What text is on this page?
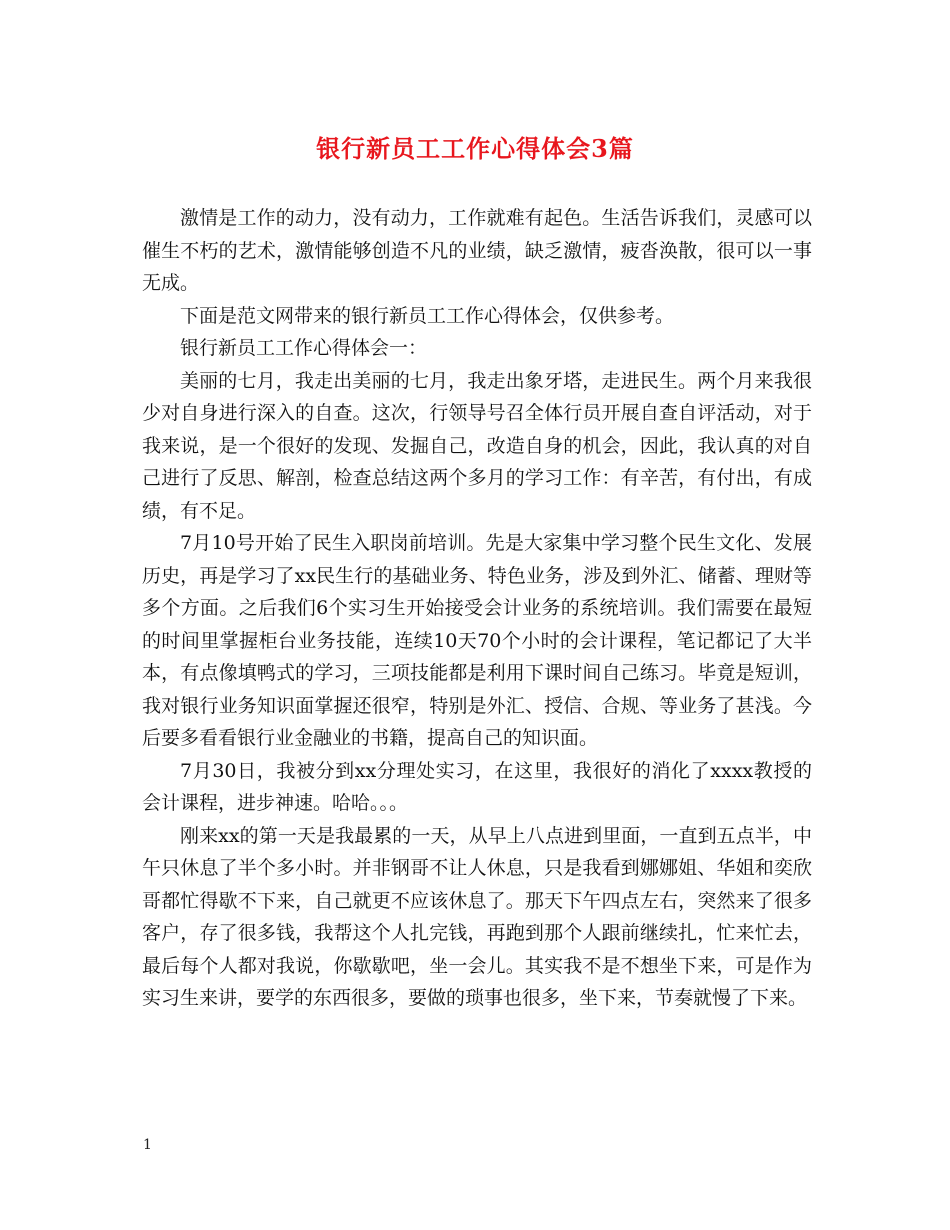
银行新员工工作心得体会3篇

激情是工作的动力，没有动力，工作就难有起色。生活告诉我们，灵感可以催生不朽的艺术，激情能够创造不凡的业绩，缺乏激情，疲沓涣散，很可以一事无成。

下面是范文网带来的银行新员工工作心得体会，仅供参考。

银行新员工工作心得体会一：

美丽的七月，我走出美丽的七月，我走出象牙塔，走进民生。两个月来我很少对自身进行深入的自查。这次，行领导号召全体行员开展自查自评活动，对于我来说，是一个很好的发现、发掘自己，改造自身的机会，因此，我认真的对自己进行了反思、解剖，检查总结这两个多月的学习工作：有辛苦，有付出，有成绩，有不足。

7月10号开始了民生入职岗前培训。先是大家集中学习整个民生文化、发展历史，再是学习了xx民生行的基础业务、特色业务，涉及到外汇、储蓄、理财等多个方面。之后我们6个实习生开始接受会计业务的系统培训。我们需要在最短的时间里掌握柜台业务技能，连续10天70个小时的会计课程，笔记都记了大半本，有点像填鸭式的学习，三项技能都是利用下课时间自己练习。毕竟是短训，我对银行业务知识面掌握还很窄，特别是外汇、授信、合规、等业务了甚浅。今后要多看看银行业金融业的书籍，提高自己的知识面。

7月30日，我被分到xx分理处实习，在这里，我很好的消化了xxxx教授的会计课程，进步神速。哈哈。。。

刚来xx的第一天是我最累的一天，从早上八点进到里面，一直到五点半，中午只休息了半个多小时。并非钢哥不让人休息，只是我看到娜娜姐、华姐和奕欣哥都忙得歇不下来，自己就更不应该休息了。那天下午四点左右，突然来了很多客户，存了很多钱，我帮这个人扎完钱，再跑到那个人跟前继续扎，忙来忙去，最后每个人都对我说，你歇歇吧，坐一会儿。其实我不是不想坐下来，可是作为实习生来讲，要学的东西很多，要做的琐事也很多，坐下来，节奏就慢了下来。

1
